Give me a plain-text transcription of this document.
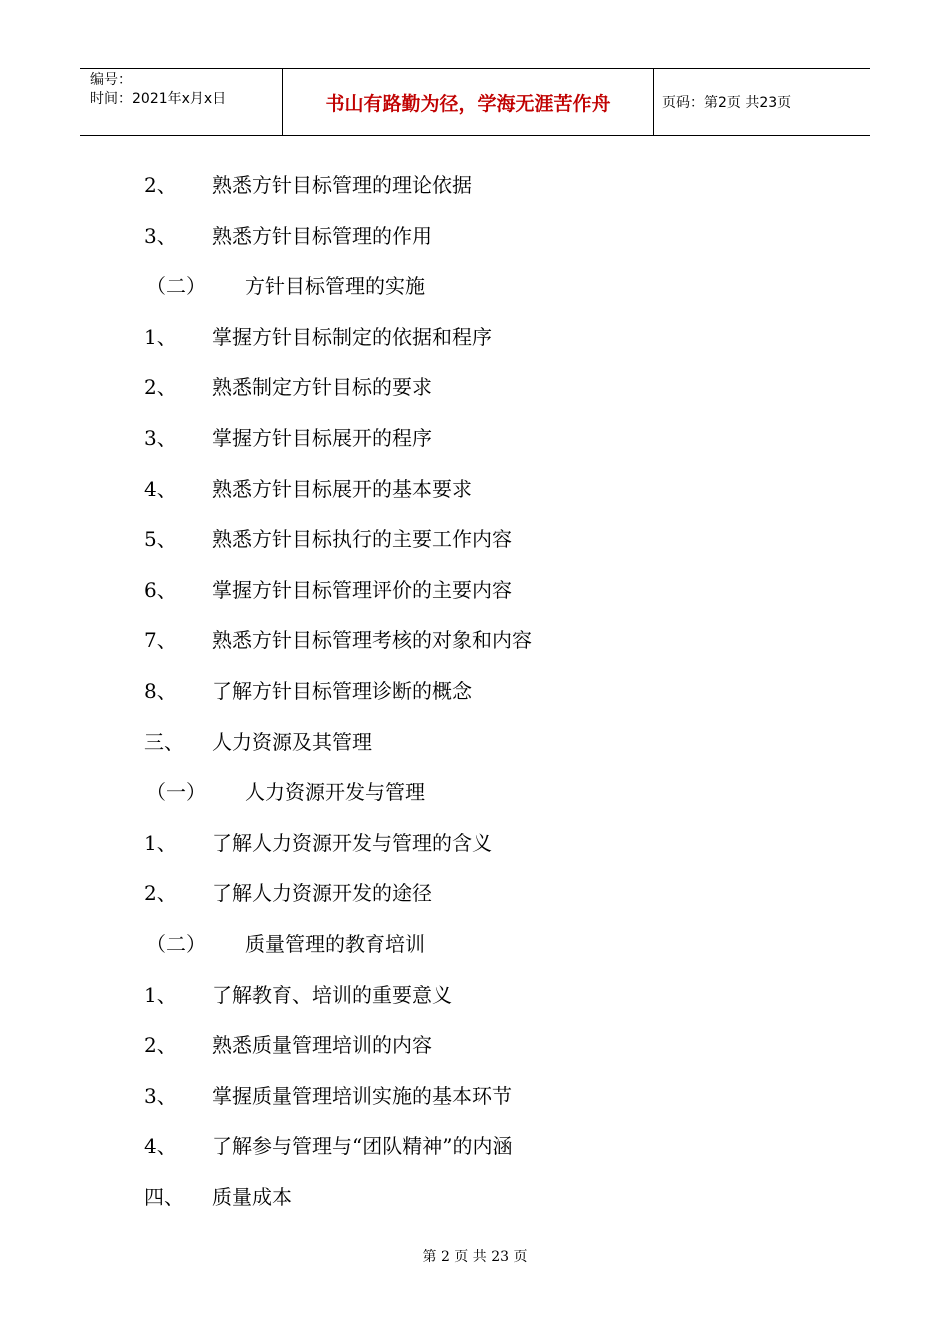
编号：
时间：2021年x月x日	书山有路勤为径，学海无涯苦作舟	页码：第2页 共23页
2、 熟悉方针目标管理的理论依据
3、 熟悉方针目标管理的作用
（二） 方针目标管理的实施
1、 掌握方针目标制定的依据和程序
2、 熟悉制定方针目标的要求
3、 掌握方针目标展开的程序
4、 熟悉方针目标展开的基本要求
5、 熟悉方针目标执行的主要工作内容
6、 掌握方针目标管理评价的主要内容
7、 熟悉方针目标管理考核的对象和内容
8、 了解方针目标管理诊断的概念
三、 人力资源及其管理
（一） 人力资源开发与管理
1、 了解人力资源开发与管理的含义
2、 了解人力资源开发的途径
（二） 质量管理的教育培训
1、 了解教育、培训的重要意义
2、 熟悉质量管理培训的内容
3、 掌握质量管理培训实施的基本环节
4、 了解参与管理与“团队精神”的内涵
四、 质量成本
第 2 页 共 23 页
